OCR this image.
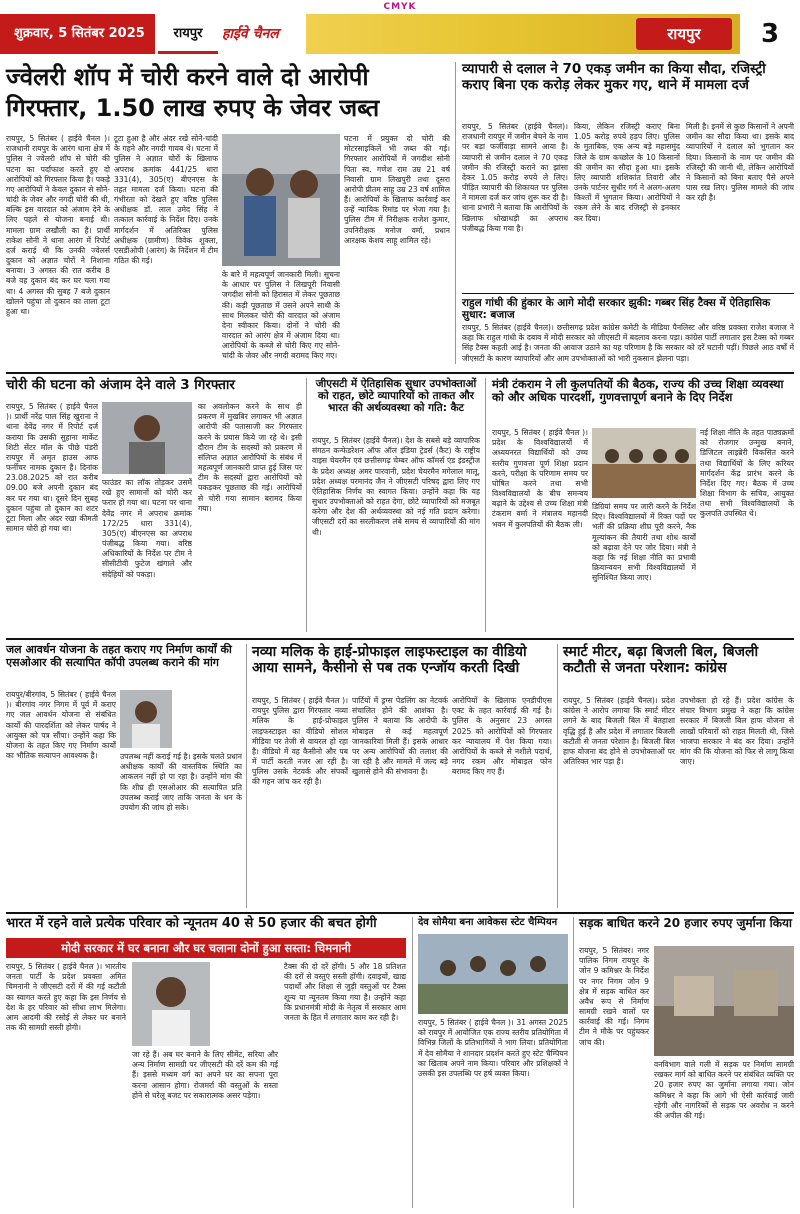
CMYK
शुक्रवार, 5 सितंबर 2025	रायपुर	हाईवे चैनल	रायपुर	3
ज्वेलरी शॉप में चोरी करने वाले दो आरोपी
गिरफ्तार, 1.50 लाख रुपए के जेवर जब्त
रायपुर, 5 सितंबर ( हाईवे चैनल )। राजधानी रायपुर के आरंग थाना क्षेत्र में पुलिस ने ज्वेलरी शॉप से चोरी की घटना का पर्दाफाश करते हुए दो आरोपियों को गिरफ्तार किया है। पकड़े गए आरोपियों ने केवल दुकान से सोने-चांदी के जेवर और नगदी चोरी की थी, बल्कि इस वारदात को अंजाम देने के लिए पहले से योजना बनाई थी। मामला ग्राम लखौली का है। प्रार्थी राकेश सोनी ने थाना आरंग में रिपोर्ट दर्ज कराई थी कि उनकी ज्वेलर्स दुकान को अज्ञात चोरों ने निशाना बनाया। 3 अगस्त की रात करीब 8 बजे वह दुकान बंद कर घर चला गया था। 4 अगस्त की सुबह 7 बजे दुकान खोलने पहुंचा तो दुकान का ताला टूटा हुआ था।
टूटा हुआ है और अंदर रखे सोने-चांदी के गहने और नगदी गायब थे। घटना में पुलिस ने अज्ञात चोरों के खिलाफ अपराध क्रमांक 441/25 धारा 331(4), 305(ए) बीएनएस के तहत मामला दर्ज किया। घटना की गंभीरता को देखते हुए वरिष्ठ पुलिस अधीक्षक डॉ. लाल उमेद सिंह ने तत्काल कार्रवाई के निर्देश दिए। उनके मार्गदर्शन में अतिरिक्त पुलिस अधीक्षक (ग्रामीण) विवेक शुक्ला, एसडीओपी (आरंग) के निर्देशन में टीम गठित की गई।
के बारे में महत्वपूर्ण जानकारी मिली। सूचना के आधार पर पुलिस ने लिखपूरी निवासी जगदीश सोनी को हिरासत में लेकर पूछताछ की। कड़ी पूछताछ में उसने अपने साथी के साथ मिलकर चोरी की वारदात को अंजाम देना स्वीकार किया। दोनों ने चोरी की वारदात को आरंग क्षेत्र में अंजाम दिया था। आरोपियों के कब्जे से चोरी किए गए सोने-चांदी के जेवर और नगदी बरामद किए गए।
घटना में प्रयुक्त दो चोरी की मोटरसाइकिलें भी जब्त की गई। गिरफ्तार आरोपियों में जगदीश सोनी पिता स्व. गणेश राम उम्र 21 वर्ष निवासी ग्राम लिखपुरी तथा दूसरा आरोपी प्रीतम साहू उम्र 23 वर्ष शामिल हैं। आरोपियों के खिलाफ कार्रवाई कर उन्हें न्यायिक रिमांड पर भेजा गया है। पुलिस टीम में निरीक्षक राजेश कुमार, उपनिरीक्षक मनोज वर्मा, प्रधान आरक्षक केशव साहू शामिल रहे।
व्यापारी से दलाल ने 70 एकड़ जमीन का किया सौदा, रजिस्ट्री कराए बिना एक करोड़ लेकर मुकर गए, थाने में मामला दर्ज
रायपुर, 5 सितंबर (हाईवे चैनल)। राजधानी रायपुर में जमीन बेचने के नाम पर बड़ा फर्जीवाड़ा सामने आया है। व्यापारी से जमीन दलाल ने 70 एकड़ जमीन की रजिस्ट्री कराने का झांसा देकर 1.05 करोड़ रुपये ले लिए। पीड़ित व्यापारी की शिकायत पर पुलिस ने मामला दर्ज कर जांच शुरू कर दी है। थाना प्रभारी ने बताया कि आरोपियों के खिलाफ धोखाधड़ी का अपराध पंजीबद्ध किया गया है।
किया, लेकिन रजिस्ट्री कराए बिना 1.05 करोड़ रुपये हड़प लिए। पुलिस के मुताबिक, एक अन्य बड़े महासमुंद जिले के ग्राम कच्छोल के 10 किसानों की जमीन का सौदा हुआ था। इसके लिए व्यापारी शशिकांत तिवारी और उनके पार्टनर सुधीर गर्ग ने अलग-अलग किश्तों में भुगतान किया। आरोपियों ने रकम लेने के बाद रजिस्ट्री से इनकार कर दिया।
मिली है। इनमें से कुछ किसानों ने अपनी जमीन का सौदा किया था। इसके बाद व्यापारियों ने दलाल को भुगतान कर दिया। किसानों के नाम पर जमीन की रजिस्ट्री की जानी थी, लेकिन आरोपियों ने किसानों को बिना बताए पैसे अपने पास रख लिए। पुलिस मामले की जांच कर रही है।
राहुल गांधी की हुंकार के आगे मोदी सरकार झुकी: गब्बर सिंह टैक्स में ऐतिहासिक सुधार: बजाज
रायपुर, 5 सितंबर (हाईवे चैनल)। छत्तीसगढ़ प्रदेश कांग्रेस कमेटी के मीडिया पैनलिस्ट और वरिष्ठ प्रवक्ता राजेश बजाज ने कहा कि राहुल गांधी के दबाव में मोदी सरकार को जीएसटी में बदलाव करना पड़ा। कांग्रेस पार्टी लगातार इस टैक्स को गब्बर सिंह टैक्स कहती आई है। जनता की आवाज उठाने का यह परिणाम है कि सरकार को दरें घटानी पड़ीं। पिछले आठ वर्षों में जीएसटी के कारण व्यापारियों और आम उपभोक्ताओं को भारी नुकसान झेलना पड़ा।
चोरी की घटना को अंजाम देने वाले 3 गिरफ्तार
रायपुर, 5 सितंबर ( हाईवे चैनल )। प्रार्थी नरेंद्र पाल सिंह खुराना ने थाना देवेंद्र नगर में रिपोर्ट दर्ज कराया कि उसकी सुहाना मार्केट शिटी सेंटर मॉल के पीछे पंडरी रायपुर में अमृत हाउस आफ फर्नीचर नामक दुकान है। दिनांक 23.08.2025 को रात करीब 09.00 बजे अपनी दुकान बंद कर घर गया था। दूसरे दिन सुबह दुकान पहुंचा तो दुकान का शटर टूटा मिला और अंदर रखा कीमती सामान चोरी हो गया था।
फाउंडर का लॉक तोड़कर उसमें रखे हुए सामानों को चोरी कर फरार हो गया था। घटना पर थाना देवेंद्र नगर में अपराध क्रमांक 172/25 धारा 331(4), 305(ए) बीएनएस का अपराध पंजीबद्ध किया गया। वरिष्ठ अधिकारियों के निर्देश पर टीम ने सीसीटीवी फुटेज खंगाले और संदेहियों को पकड़ा।
का अवलोकन करने के साथ ही प्रकरण में मुखबिर लगाकर भी अज्ञात आरोपी की पतासाजी कर गिरफ्तार करने के प्रयास किये जा रहे थे। इसी दौरान टीम के सदस्यों को प्रकरण में संलिप्त अज्ञात आरोपियों के संबंध में महत्वपूर्ण जानकारी प्राप्त हुई जिस पर टीम के सदस्यों द्वारा आरोपियों को पकड़कर पूछताछ की गई। आरोपियों से चोरी गया सामान बरामद किया गया।
जीएसटी में ऐतिहासिक सुधार उपभोक्ताओं को राहत, छोटे व्यापारियों को ताकत और भारत की अर्थव्यवस्था को गति: कैट
रायपुर, 5 सितंबर (हाईवे चैनल)। देश के सबसे बड़े व्यापारिक संगठन कन्फेडरेशन ऑफ ऑल इंडिया ट्रेडर्स (कैट) के राष्ट्रीय वाइस चेयरमैन एवं छत्तीसगढ़ चेम्बर ऑफ कॉमर्स एंड इंडस्ट्रीज के प्रदेश अध्यक्ष अमर पारवानी, प्रदेश चेयरमैन मगेलाल मालू, प्रदेश अध्यक्ष परमानंद जैन ने जीएसटी परिषद द्वारा लिए गए ऐतिहासिक निर्णय का स्वागत किया। उन्होंने कहा कि यह सुधार उपभोक्ताओं को राहत देगा, छोटे व्यापारियों को मजबूत करेगा और देश की अर्थव्यवस्था को नई गति प्रदान करेगा। जीएसटी दरों का सरलीकरण लंबे समय से व्यापारियों की मांग थी।
मंत्री टंकराम ने ली कुलपतियों की बैठक, राज्य की उच्च शिक्षा व्यवस्था को और अधिक पारदर्शी, गुणवत्तापूर्ण बनाने के दिए निर्देश
रायपुर, 5 सितंबर ( हाईवे चैनल )। प्रदेश के विश्वविद्यालयों में अध्ययनरत विद्यार्थियों को उच्च स्तरीय गुणवत्ता पूर्ण शिक्षा प्रदान करने, परीक्षा के परिणाम समय पर घोषित करने तथा सभी विश्वविद्यालयों के बीच समन्वय बढ़ाने के उद्देश्य से उच्च शिक्षा मंत्री टंकराम वर्मा ने मंत्रालय महानदी भवन में कुलपतियों की बैठक ली।
डिग्रियां समय पर जारी करने के निर्देश दिए। विश्वविद्यालयों में रिक्त पदों पर भर्ती की प्रक्रिया शीघ्र पूरी करने, नैक मूल्यांकन की तैयारी तथा शोध कार्यों को बढ़ावा देने पर जोर दिया। मंत्री ने कहा कि नई शिक्षा नीति का प्रभावी क्रियान्वयन सभी विश्वविद्यालयों में सुनिश्चित किया जाए।
नई शिक्षा नीति के तहत पाठ्यक्रमों को रोजगार उन्मुख बनाने, डिजिटल लाइब्रेरी विकसित करने तथा विद्यार्थियों के लिए करियर मार्गदर्शन केंद्र प्रारंभ करने के निर्देश दिए गए। बैठक में उच्च शिक्षा विभाग के सचिव, आयुक्त तथा सभी विश्वविद्यालयों के कुलपति उपस्थित थे।
जल आवर्धन योजना के तहत कराए गए निर्माण कार्यों की एसओआर की सत्यापित कॉपी उपलब्ध कराने की मांग
रायपुर/बीरगांव, 5 सितंबर ( हाईवे चैनल )। बीरगांव नगर निगम में पूर्व में कराए गए जल आवर्धन योजना से संबंधित कार्यों की पारदर्शिता को लेकर पार्षद ने आयुक्त को पत्र सौंपा। उन्होंने कहा कि योजना के तहत किए गए निर्माण कार्यों का भौतिक सत्यापन आवश्यक है।	उपलब्ध नहीं कराई गई है। इसके चलते प्रधान अधीक्षक कार्यों की वास्तविक स्थिति का आकलन नहीं हो पा रहा है। उन्होंने मांग की कि शीघ्र ही एसओआर की सत्यापित प्रति उपलब्ध कराई जाए ताकि जनता के धन के उपयोग की जांच हो सके।
नव्या मलिक के हाई-प्रोफाइल लाइफस्टाइल का वीडियो आया सामने, कैसीनो से पब तक एन्जॉय करती दिखी
रायपुर, 5 सितंबर ( हाईवे चैनल )। रायपुर पुलिस द्वारा गिरफ्तार नव्या मलिक के हाई-प्रोफाइल लाइफस्टाइल का वीडियो सोशल मीडिया पर तेजी से वायरल हो रहा है। वीडियो में वह कैसीनो और पब में पार्टी करती नजर आ रही है। पुलिस उसके नेटवर्क और संपर्कों की गहन जांच कर रही है।
पार्टियों में ड्रग्स पेडलिंग का नेटवर्क संचालित होने की आशंका है। पुलिस ने बताया कि आरोपी के मोबाइल से कई महत्वपूर्ण जानकारियां मिली हैं। इसके आधार पर अन्य आरोपियों की तलाश की जा रही है और मामले में जल्द बड़े खुलासे होने की संभावना है।
आरोपियों के खिलाफ एनडीपीएस एक्ट के तहत कार्रवाई की गई है। पुलिस के अनुसार 23 अगस्त 2025 को आरोपियों को गिरफ्तार कर न्यायालय में पेश किया गया। आरोपियों के कब्जे से नशीले पदार्थ, नगद रकम और मोबाइल फोन बरामद किए गए हैं।
स्मार्ट मीटर, बढ़ा बिजली बिल, बिजली कटौती से जनता परेशान: कांग्रेस
रायपुर, 5 सितंबर (हाईवे चैनल)। प्रदेश कांग्रेस ने आरोप लगाया कि स्मार्ट मीटर लगने के बाद बिजली बिल में बेतहाशा वृद्धि हुई है और प्रदेश में लगातार बिजली कटौती से जनता परेशान है। बिजली बिल हाफ योजना बंद होने से उपभोक्ताओं पर अतिरिक्त भार पड़ा है।
उपभोक्ता हो रहे हैं। प्रदेश कांग्रेस के संचार विभाग प्रमुख ने कहा कि कांग्रेस सरकार में बिजली बिल हाफ योजना से लाखों परिवारों को राहत मिलती थी, जिसे भाजपा सरकार ने बंद कर दिया। उन्होंने मांग की कि योजना को फिर से लागू किया जाए।
भारत में रहने वाले प्रत्येक परिवार को न्यूनतम 40 से 50 हजार की बचत होगी
मोदी सरकार में घर बनाना और घर चलाना दोनों हुआ सस्ता: चिमनानी
रायपुर, 5 सितंबर ( हाईवे चैनल )। भारतीय जनता पार्टी के प्रदेश प्रवक्ता अमित चिमनानी ने जीएसटी दरों में की गई कटौती का स्वागत करते हुए कहा कि इस निर्णय से देश के हर परिवार को सीधा लाभ मिलेगा। आम आदमी की रसोई से लेकर घर बनाने तक की सामग्री सस्ती होगी।
जा रहे हैं। अब घर बनाने के लिए सीमेंट, सरिया और अन्य निर्माण सामग्री पर जीएसटी की दरें कम की गई हैं। इससे मध्यम वर्ग का अपने घर का सपना पूरा करना आसान होगा। रोजमर्रा की वस्तुओं के सस्ता होने से घरेलू बजट पर सकारात्मक असर पड़ेगा।
टैक्स की दो दरें होंगी। 5 और 18 प्रतिशत की दरों से वस्तुएं सस्ती होंगी। दवाइयों, खाद्य पदार्थों और शिक्षा से जुड़ी वस्तुओं पर टैक्स शून्य या न्यूनतम किया गया है। उन्होंने कहा कि प्रधानमंत्री मोदी के नेतृत्व में सरकार आम जनता के हित में लगातार काम कर रही है।
देव सोमैया बना आवेकस स्टेट चैम्पियन
रायपुर, 5 सितंबर ( हाईवे चैनल )। 31 अगस्त 2025 को रायपुर में आयोजित एक राज्य स्तरीय प्रतियोगिता में विभिन्न जिलों के प्रतिभागियों ने भाग लिया। प्रतियोगिता में देव सोमैया ने शानदार प्रदर्शन करते हुए स्टेट चैम्पियन का खिताब अपने नाम किया। परिवार और प्रशिक्षकों ने उसकी इस उपलब्धि पर हर्ष व्यक्त किया।
सड़क बाधित करने 20 हजार रुपए जुर्माना किया
रायपुर, 5 सितंबर। नगर पालिक निगम रायपुर के जोन 9 कमिश्नर के निर्देश पर नगर निगम जोन 9 क्षेत्र में सड़क बाधित कर अवैध रूप से निर्माण सामग्री रखने वालों पर कार्रवाई की गई। निगम टीम ने मौके पर पहुंचकर जांच की।
वनविभाग वाले गली में सड़क पर निर्माण सामग्री रखकर मार्ग को बाधित करने पर संबंधित व्यक्ति पर 20 हजार रुपए का जुर्माना लगाया गया। जोन कमिश्नर ने कहा कि आगे भी ऐसी कार्रवाई जारी रहेगी और नागरिकों से सड़क पर अवरोध न करने की अपील की गई।
